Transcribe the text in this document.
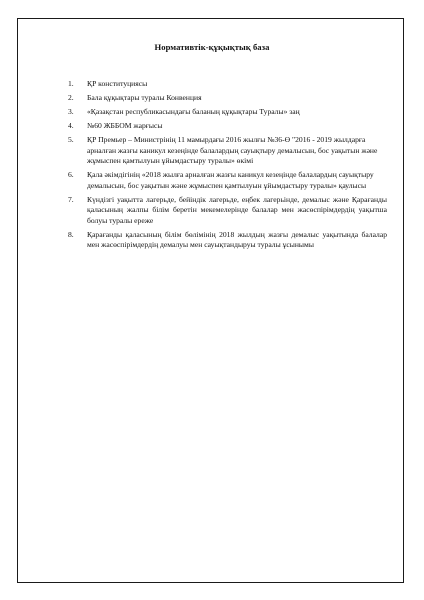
Нормативтік-құқықтық база
1.	ҚР конституциясы
2.	Бала құқықтары туралы Конвенция
3.	«Қазақстан республикасындағы баланың құқықтары Туралы» заң
4.	№60 ЖББОМ жарғысы
5.	ҚР Премьер – Министрінің 11 мамырдағы 2016 жылғы №36-Ө "2016 - 2019 жылдарға арналған жазғы каникул кезеңінде балалардың сауықтыру демалысын, бос уақытын және жұмыспен қамтылуын ұйымдастыру туралы» өкімі
6.	Қала әкімдігінің «2018 жылға арналған жазғы каникул кезеңінде балалардың сауықтыру демалысын, бос уақытын және жұмыспен қамтылуын ұйымдастыру туралы» қаулысы
7.	Күндізгі уақытта лагерьде, бейіндік лагерьде, еңбек лагерьінде, демалыс және Қарағанды қаласының жалпы білім беретін мекемелерінде балалар мен жасөспірімдердің уақытша болуы туралы ереже
8.	Қарағанды қаласының білім бөлімінің 2018 жылдың жазғы демалыс уақытында балалар мен жасөспірімдердің демалуы мен сауықтандыруы туралы ұсынымы
